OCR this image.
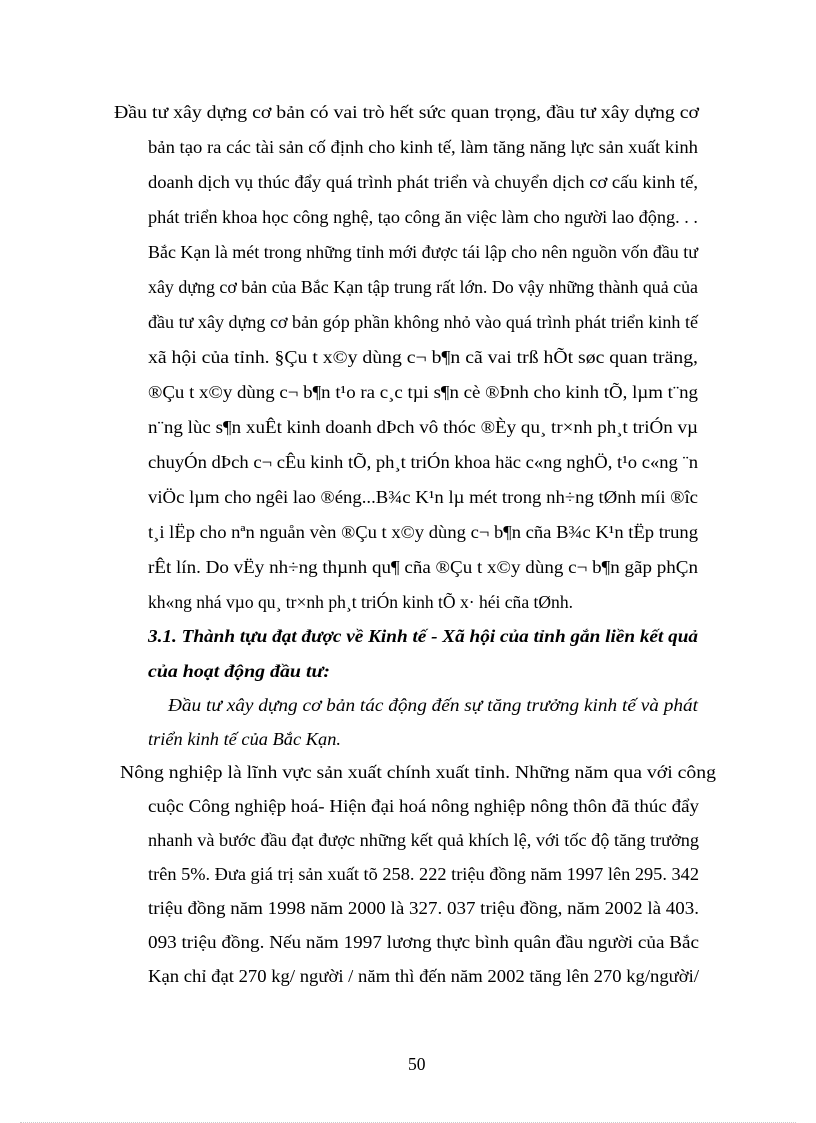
Đầu tư xây dựng cơ bản có vai trò hết sức quan trọng, đầu tư xây dựng cơ
bản tạo ra các tài sản cố định cho kinh tế, làm tăng năng lực sản xuất kinh
doanh dịch vụ thúc đẩy quá trình phát triển và chuyển dịch cơ cấu kinh tế,
phát triển khoa học công nghệ, tạo công ăn việc làm cho người lao động. . .
Bắc Kạn là mét trong những tỉnh mới được tái lập cho nên nguồn vốn đầu tư
xây dựng cơ bản của Bắc Kạn tập trung rất lớn. Do vậy những thành quả của
đầu tư xây dựng cơ bản góp phần không nhỏ vào quá trình phát triển kinh tế
xã hội của tỉnh. §Çu t x©y dùng c¬ b¶n cã vai trß hÕt søc quan träng,
®Çu t x©y dùng c¬ b¶n t¹o ra c¸c tµi s¶n cè ®Þnh cho kinh tÕ, lµm t¨ng
n¨ng lùc s¶n xuÊt kinh doanh dÞch vô thóc ®Èy qu¸ tr×nh ph¸t triÓn vµ
chuyÓn dÞch c¬ cÊu kinh tÕ, ph¸t triÓn khoa häc c«ng nghÖ, t¹o c«ng ¨n
viÖc lµm cho ngêi lao ®éng...B¾c K¹n lµ mét trong nh÷ng tØnh míi ®îc
t¸i lËp cho nªn nguån vèn ®Çu t x©y dùng c¬ b¶n cña B¾c K¹n tËp trung
rÊt lín. Do vËy nh÷ng thµnh qu¶ cña ®Çu t x©y dùng c¬ b¶n gãp phÇn
kh«ng nhá vµo qu¸ tr×nh ph¸t triÓn kinh tÕ x· héi cña tØnh.
3.1. Thành tựu đạt được về Kinh tế - Xã hội của tỉnh gắn liền kết quả
của hoạt động đầu tư:
Đầu tư xây dựng cơ bản tác động đến sự tăng trưởng kinh tế và phát
triển kinh tế của Bắc Kạn.
Nông nghiệp là lĩnh vực sản xuất chính xuất tỉnh. Những năm qua với công
cuộc Công nghiệp hoá- Hiện đại hoá nông nghiệp nông thôn đã thúc đẩy
nhanh và bước đầu đạt được những kết quả khích lệ, với tốc độ tăng trưởng
trên 5%. Đưa giá trị sản xuất tõ 258. 222 triệu đồng năm 1997 lên 295. 342
triệu đồng năm 1998 năm 2000 là 327. 037 triệu đồng, năm 2002 là 403.
093 triệu đồng. Nếu năm 1997 lương thực bình quân đầu người của Bắc
Kạn chỉ đạt 270 kg/ người / năm thì đến năm 2002 tăng lên 270 kg/người/
50
